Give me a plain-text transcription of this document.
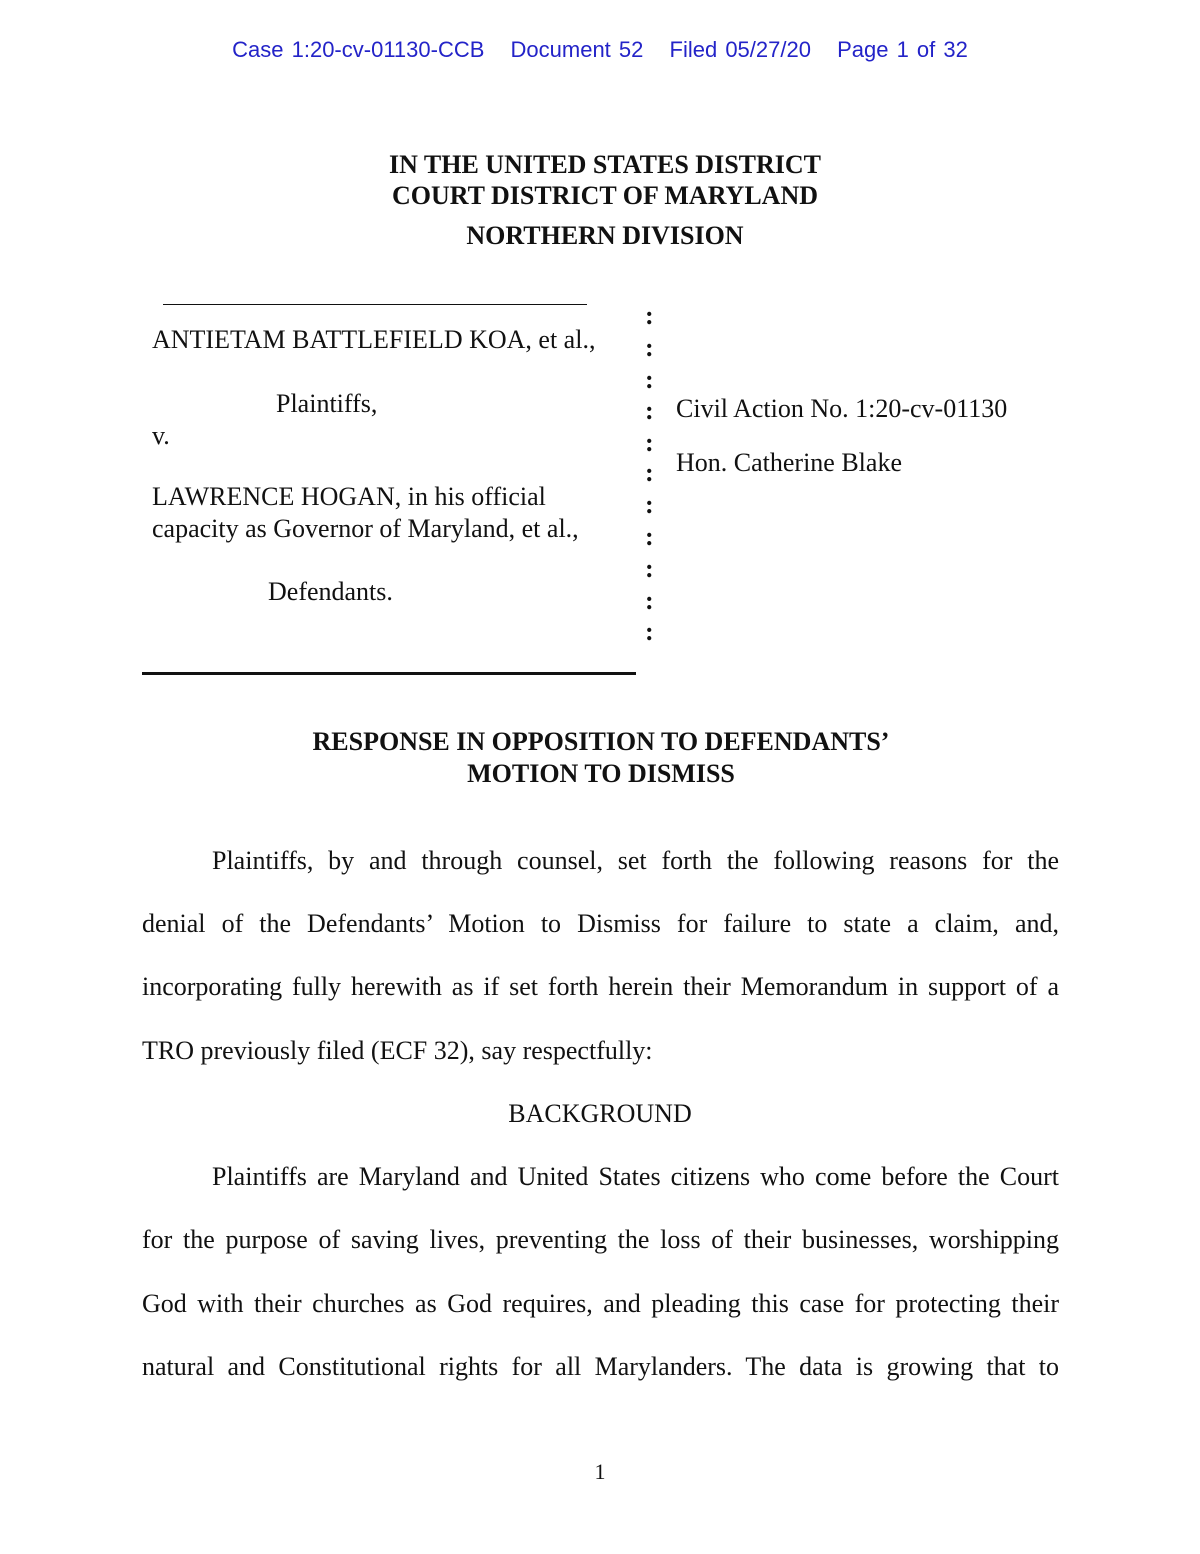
Case 1:20-cv-01130-CCB Document 52 Filed 05/27/20 Page 1 of 32
IN THE UNITED STATES DISTRICT
COURT DISTRICT OF MARYLAND
NORTHERN DIVISION
ANTIETAM BATTLEFIELD KOA, et al.,
Plaintiffs,
v.
LAWRENCE HOGAN, in his official
capacity as Governor of Maryland, et al.,
Defendants.
:
:
:
:
:
:
:
:
:
:
:
Civil Action No. 1:20-cv-01130
Hon. Catherine Blake
RESPONSE IN OPPOSITION TO DEFENDANTS’
MOTION TO DISMISS
Plaintiffs, by and through counsel, set forth the following reasons for the
denial of the Defendants’ Motion to Dismiss for failure to state a claim, and,
incorporating fully herewith as if set forth herein their Memorandum in support of a
TRO previously filed (ECF 32), say respectfully:
BACKGROUND
Plaintiffs are Maryland and United States citizens who come before the Court
for the purpose of saving lives, preventing the loss of their businesses, worshipping
God with their churches as God requires, and pleading this case for protecting their
natural and Constitutional rights for all Marylanders. The data is growing that to
1
